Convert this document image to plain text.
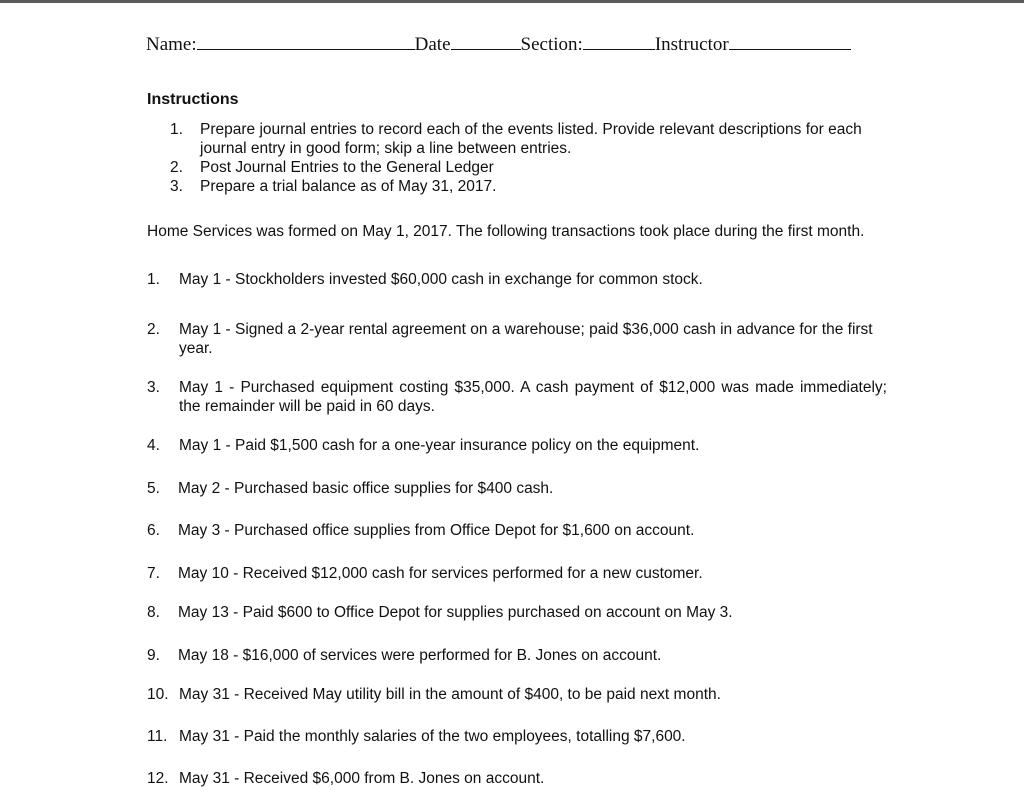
Name:	Date	Section:	Instructor
Instructions
1.	Prepare journal entries to record each of the events listed. Provide relevant descriptions for each journal entry in good form; skip a line between entries.
2.	Post Journal Entries to the General Ledger
3.	Prepare a trial balance as of May 31, 2017.
Home Services was formed on May 1, 2017. The following transactions took place during the first month.
1.	May 1 - Stockholders invested $60,000 cash in exchange for common stock.
2.	May 1 - Signed a 2-year rental agreement on a warehouse; paid $36,000 cash in advance for the first year.
3.	May 1 - Purchased equipment costing $35,000. A cash payment of $12,000 was made immediately; the remainder will be paid in 60 days.
4.	May 1 - Paid $1,500 cash for a one-year insurance policy on the equipment.
5.	May 2 - Purchased basic office supplies for $400 cash.
6.	May 3 - Purchased office supplies from Office Depot for $1,600 on account.
7.	May 10 - Received $12,000 cash for services performed for a new customer.
8.	May 13 - Paid $600 to Office Depot for supplies purchased on account on May 3.
9.	May 18 - $16,000 of services were performed for B. Jones on account.
10. May 31 - Received May utility bill in the amount of $400, to be paid next month.
11. May 31 - Paid the monthly salaries of the two employees, totalling $7,600.
12. May 31 - Received $6,000 from B. Jones on account.
